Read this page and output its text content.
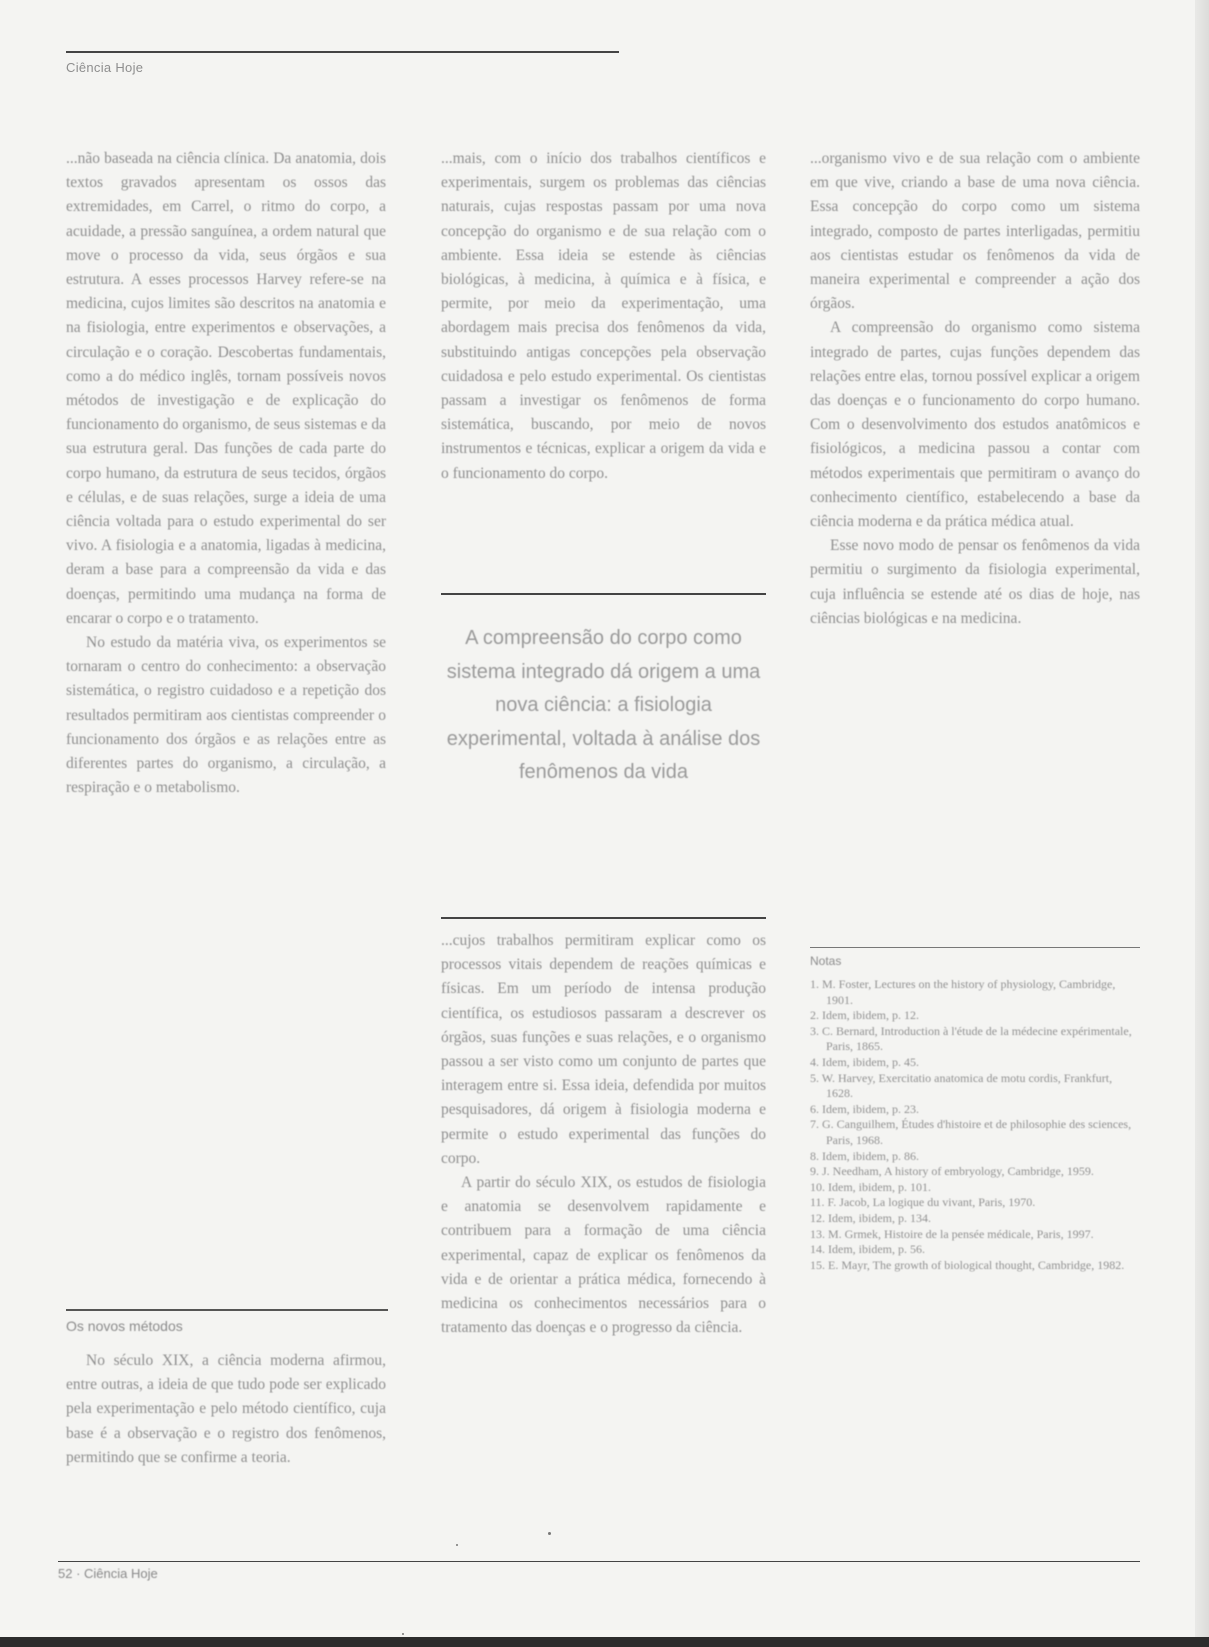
Ciência Hoje

...não baseada na ciência clínica. Da anatomia, dois textos gravados apresentam os ossos das extremidades, em Carrel, o ritmo do corpo, a acuidade, a pressão sanguínea, a ordem natural que move o processo da vida, seus órgãos e sua estrutura. A esses processos Harvey refere-se na medicina, cujos limites são descritos na anatomia e na fisiologia, entre experimentos e observações, a circulação e o coração. Descobertas fundamentais, como a do médico inglês, tornam possíveis novos métodos de investigação e de explicação do funcionamento do organismo, de seus sistemas e da sua estrutura geral. Das funções de cada parte do corpo humano, da estrutura de seus tecidos, órgãos e células, e de suas relações, surge a ideia de uma ciência voltada para o estudo experimental do ser vivo. A fisiologia e a anatomia, ligadas à medicina, deram a base para a compreensão da vida e das doenças, permitindo uma mudança na forma de encarar o corpo e o tratamento.

No estudo da matéria viva, os experimentos se tornaram o centro do conhecimento: a observação sistemática, o registro cuidadoso e a repetição dos resultados permitiram aos cientistas compreender o funcionamento dos órgãos e as relações entre as diferentes partes do organismo, a circulação, a respiração e o metabolismo.

Os novos métodos

No século XIX, a ciência moderna afirmou, entre outras, a ideia de que tudo pode ser explicado pela experimentação e pelo método científico, cuja base é a observação e o registro dos fenômenos, permitindo que se confirme a teoria.

...mais, com o início dos trabalhos científicos e experimentais, surgem os problemas das ciências naturais, cujas respostas passam por uma nova concepção do organismo e de sua relação com o ambiente. Essa ideia se estende às ciências biológicas, à medicina, à química e à física, e permite, por meio da experimentação, uma abordagem mais precisa dos fenômenos da vida, substituindo antigas concepções pela observação cuidadosa e pelo estudo experimental. Os cientistas passam a investigar os fenômenos de forma sistemática, buscando, por meio de novos instrumentos e técnicas, explicar a origem da vida e o funcionamento do corpo.

A compreensão do corpo como sistema integrado dá origem a uma nova ciência: a fisiologia experimental, voltada à análise dos fenômenos da vida

...cujos trabalhos permitiram explicar como os processos vitais dependem de reações químicas e físicas. Em um período de intensa produção científica, os estudiosos passaram a descrever os órgãos, suas funções e suas relações, e o organismo passou a ser visto como um conjunto de partes que interagem entre si. Essa ideia, defendida por muitos pesquisadores, dá origem à fisiologia moderna e permite o estudo experimental das funções do corpo.

A partir do século XIX, os estudos de fisiologia e anatomia se desenvolvem rapidamente e contribuem para a formação de uma ciência experimental, capaz de explicar os fenômenos da vida e de orientar a prática médica, fornecendo à medicina os conhecimentos necessários para o tratamento das doenças e o progresso da ciência.

...organismo vivo e de sua relação com o ambiente em que vive, criando a base de uma nova ciência. Essa concepção do corpo como um sistema integrado, composto de partes interligadas, permitiu aos cientistas estudar os fenômenos da vida de maneira experimental e compreender a ação dos órgãos.

A compreensão do organismo como sistema integrado de partes, cujas funções dependem das relações entre elas, tornou possível explicar a origem das doenças e o funcionamento do corpo humano. Com o desenvolvimento dos estudos anatômicos e fisiológicos, a medicina passou a contar com métodos experimentais que permitiram o avanço do conhecimento científico, estabelecendo a base da ciência moderna e da prática médica atual.

Esse novo modo de pensar os fenômenos da vida permitiu o surgimento da fisiologia experimental, cuja influência se estende até os dias de hoje, nas ciências biológicas e na medicina.

Notas
1. M. Foster, Lectures on the history of physiology, Cambridge, 1901.
2. Idem, ibidem, p. 12.
3. C. Bernard, Introduction à l'étude de la médecine expérimentale, Paris, 1865.
4. Idem, ibidem, p. 45.
5. W. Harvey, Exercitatio anatomica de motu cordis, Frankfurt, 1628.
6. Idem, ibidem, p. 23.
7. G. Canguilhem, Études d'histoire et de philosophie des sciences, Paris, 1968.
8. Idem, ibidem, p. 86.
9. J. Needham, A history of embryology, Cambridge, 1959.
10. Idem, ibidem, p. 101.
11. F. Jacob, La logique du vivant, Paris, 1970.
12. Idem, ibidem, p. 134.
13. M. Grmek, Histoire de la pensée médicale, Paris, 1997.
14. Idem, ibidem, p. 56.
15. E. Mayr, The growth of biological thought, Cambridge, 1982.
52 · Ciência Hoje
